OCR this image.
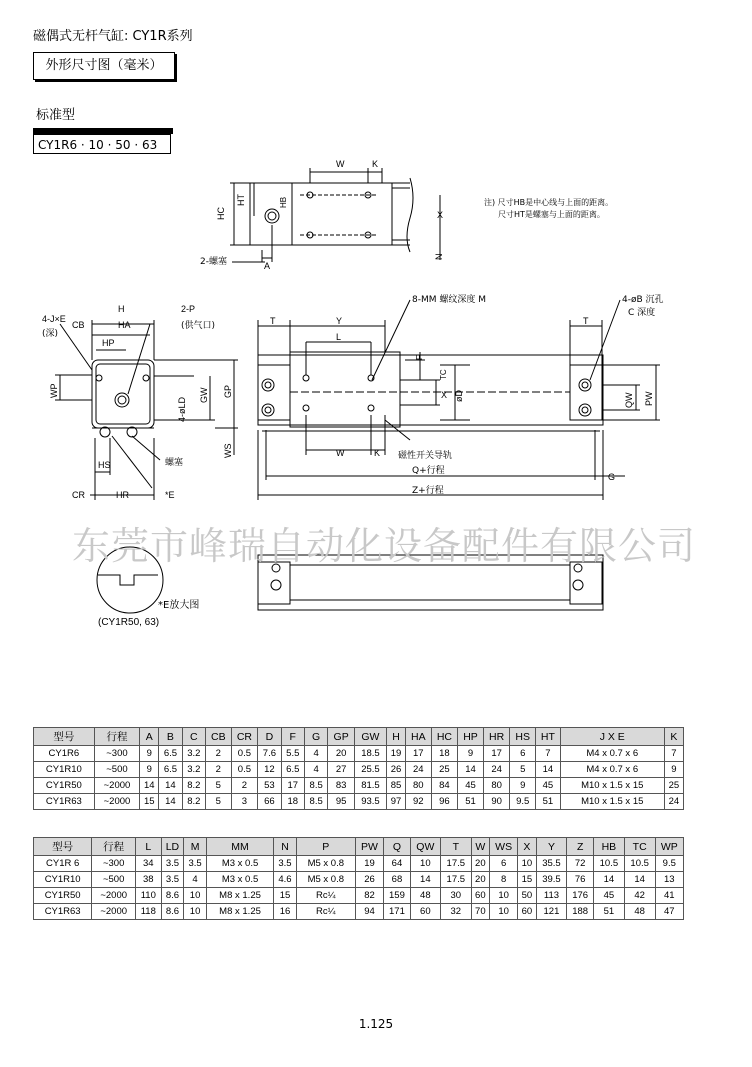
磁偶式无杆气缸: CY1R系列
外形尺寸图（毫米）
标准型
CY1R6 · 10 · 50 · 63
W	K
HC
HT	HB
X
N
A
2-螺塞
注) 尺寸HB是中心线与上面的距离。
尺寸HT是螺塞与上面的距离。
4-J×E
(深)
H
CB	HA
2-P
(供气口)
HP
WP	GW GP
4-øLD
WS
HS	螺塞
CR	HR	*E
T	Y
L
8-MM 螺纹深度 M
F
TC
X øD
W	K 磁性开关导轨
Q+行程
Z+行程
G
4-øB 沉孔
C 深度
T
QW PW
*E放大图
(CY1R50, 63)
东莞市峰瑞自动化设备配件有限公司
型号	行程	A	B	C	CB	CR	D	F	G	GP	GW	H	HA	HC	HP	HR	HS	HT	J X E	K
CY1R6	~300	9	6.5	3.2	2	0.5	7.6	5.5	4	20	18.5	19	17	18	9	17	6	7	M4 x 0.7 x 6	7
CY1R10	~500	9	6.5	3.2	2	0.5	12	6.5	4	27	25.5	26	24	25	14	24	5	14	M4 x 0.7 x 6	9
CY1R50	~2000	14	14	8.2	5	2	53	17	8.5	83	81.5	85	80	84	45	80	9	45	M10 x 1.5 x 15	25
CY1R63	~2000	15	14	8.2	5	3	66	18	8.5	95	93.5	97	92	96	51	90	9.5	51	M10 x 1.5 x 15	24
型号	行程	L	LD	M	MM	N	P	PW	Q	QW	T	W	WS	X	Y	Z	HB	TC	WP
CY1R 6	~300	34	3.5	3.5	M3 x 0.5	3.5	M5 x 0.8	19	64	10	17.5	20	6	10	35.5	72	10.5	10.5	9.5
CY1R10	~500	38	3.5	4	M3 x 0.5	4.6	M5 x 0.8	26	68	14	17.5	20	8	15	39.5	76	14	14	13
CY1R50	~2000	110	8.6	10	M8 x 1.25	15	Rc¼	82	159	48	30	60	10	50	113	176	45	42	41
CY1R63	~2000	118	8.6	10	M8 x 1.25	16	Rc¼	94	171	60	32	70	10	60	121	188	51	48	47
1.125
